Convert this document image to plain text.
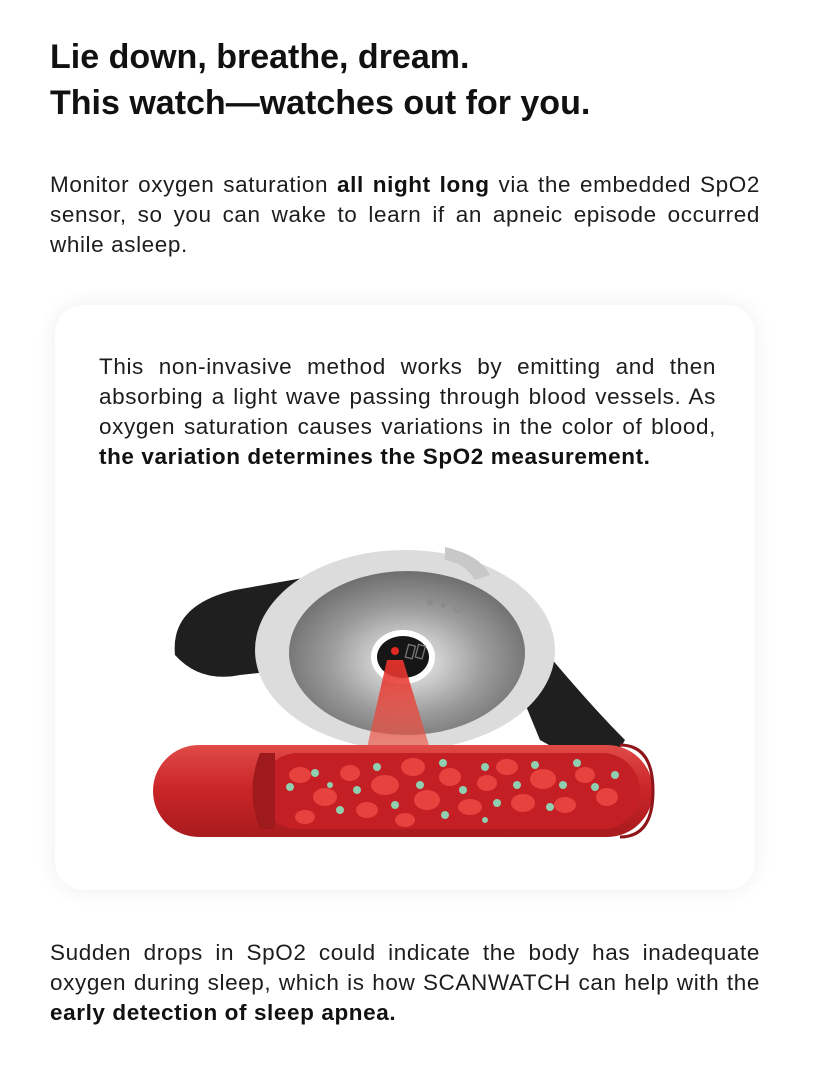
Lie down, breathe, dream.
This watch—watches out for you.

Monitor oxygen saturation all night long via the embedded SpO2 sensor, so you can wake to learn if an apneic episode occurred while asleep.

This non-invasive method works by emitting and then absorbing a light wave passing through blood vessels. As oxygen saturation causes variations in the color of blood, the variation determines the SpO2 measurement.

Sudden drops in SpO2 could indicate the body has inadequate oxygen during sleep, which is how SCANWATCH can help with the early detection of sleep apnea.
